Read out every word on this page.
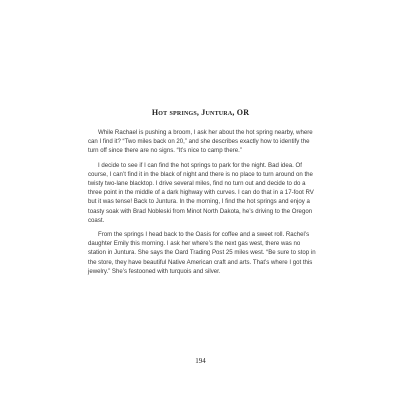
Hot springs, Juntura, OR

While Rachael is pushing a broom, I ask her about the hot spring nearby, where can I find it? “Two miles back on 20,” and she describes exactly how to identify the turn off since there are no signs. “It’s nice to camp there.”

I decide to see if I can find the hot springs to park for the night. Bad idea. Of course, I can’t find it in the black of night and there is no place to turn around on the twisty two-lane blacktop. I drive several miles, find no turn out and decide to do a three point in the middle of a dark highway with curves. I can do that in a 17-foot RV but it was tense! Back to Juntura. In the morning, I find the hot springs and enjoy a toasty soak with Brad Nobleski from Minot North Dakota, he’s driving to the Oregon coast.

From the springs I head back to the Oasis for coffee and a sweet roll. Rachel’s daughter Emily this morning. I ask her where’s the next gas west, there was no station in Juntura. She says the Oard Trading Post 25 miles west. “Be sure to stop in the store, they have beautiful Native American craft and arts. That’s where I got this jewelry.” She’s festooned with turquois and silver.

194
